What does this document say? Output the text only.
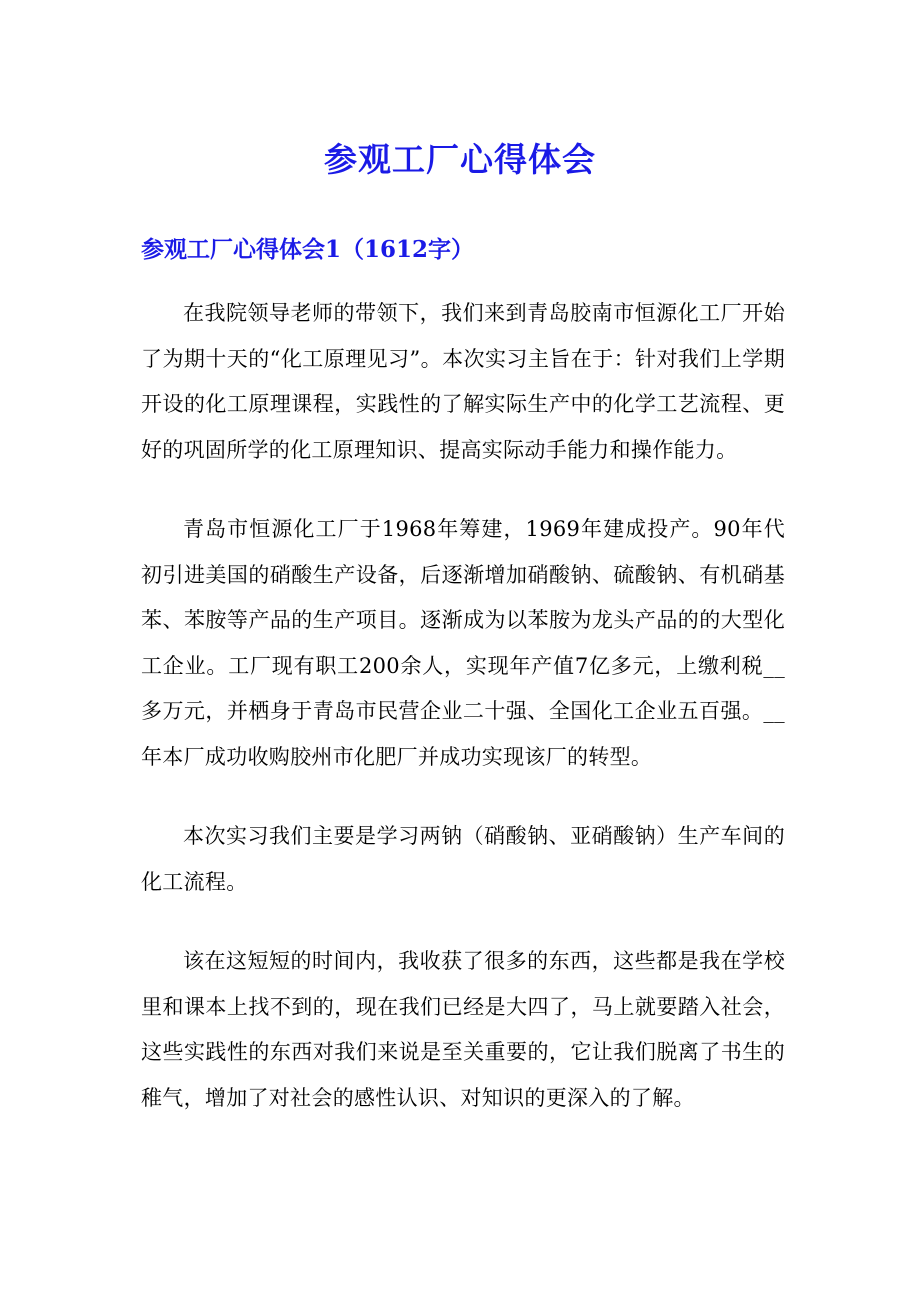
参观工厂心得体会
参观工厂心得体会1（1612字）

在我院领导老师的带领下，我们来到青岛胶南市恒源化工厂开始了为期十天的“化工原理见习”。本次实习主旨在于：针对我们上学期开设的化工原理课程，实践性的了解实际生产中的化学工艺流程、更好的巩固所学的化工原理知识、提高实际动手能力和操作能力。

青岛市恒源化工厂于1968年筹建，1969年建成投产。90年代初引进美国的硝酸生产设备，后逐渐增加硝酸钠、硫酸钠、有机硝基苯、苯胺等产品的生产项目。逐渐成为以苯胺为龙头产品的的大型化工企业。工厂现有职工200余人，实现年产值7亿多元，上缴利税__多万元，并栖身于青岛市民营企业二十强、全国化工企业五百强。__年本厂成功收购胶州市化肥厂并成功实现该厂的转型。

本次实习我们主要是学习两钠（硝酸钠、亚硝酸钠）生产车间的化工流程。

该在这短短的时间内，我收获了很多的东西，这些都是我在学校里和课本上找不到的，现在我们已经是大四了，马上就要踏入社会，这些实践性的东西对我们来说是至关重要的，它让我们脱离了书生的稚气，增加了对社会的感性认识、对知识的更深入的了解。
